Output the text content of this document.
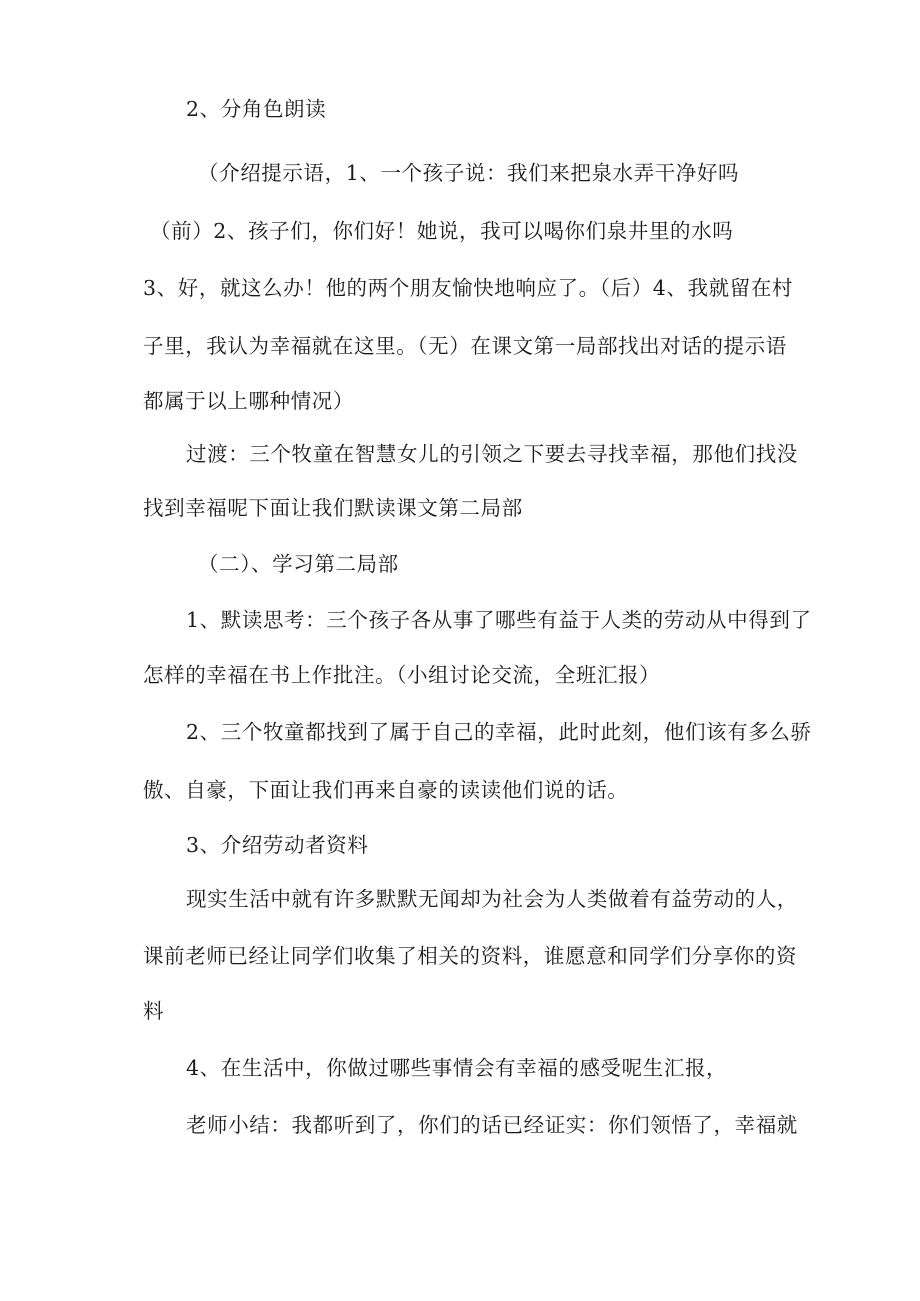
2、分角色朗读
（介绍提示语，1、一个孩子说：我们来把泉水弄干净好吗
（前）2、孩子们，你们好！她说，我可以喝你们泉井里的水吗
3、好，就这么办！他的两个朋友愉快地响应了。（后）4、我就留在村
子里，我认为幸福就在这里。（无）在课文第一局部找出对话的提示语
都属于以上哪种情况）
过渡：三个牧童在智慧女儿的引领之下要去寻找幸福，那他们找没
找到幸福呢下面让我们默读课文第二局部
（二）、学习第二局部
1、默读思考：三个孩子各从事了哪些有益于人类的劳动从中得到了
怎样的幸福在书上作批注。（小组讨论交流，全班汇报）
2、三个牧童都找到了属于自己的幸福，此时此刻，他们该有多么骄
傲、自豪，下面让我们再来自豪的读读他们说的话。
3、介绍劳动者资料
现实生活中就有许多默默无闻却为社会为人类做着有益劳动的人，
课前老师已经让同学们收集了相关的资料，谁愿意和同学们分享你的资
料
4、在生活中，你做过哪些事情会有幸福的感受呢生汇报，
老师小结：我都听到了，你们的话已经证实：你们领悟了，幸福就
